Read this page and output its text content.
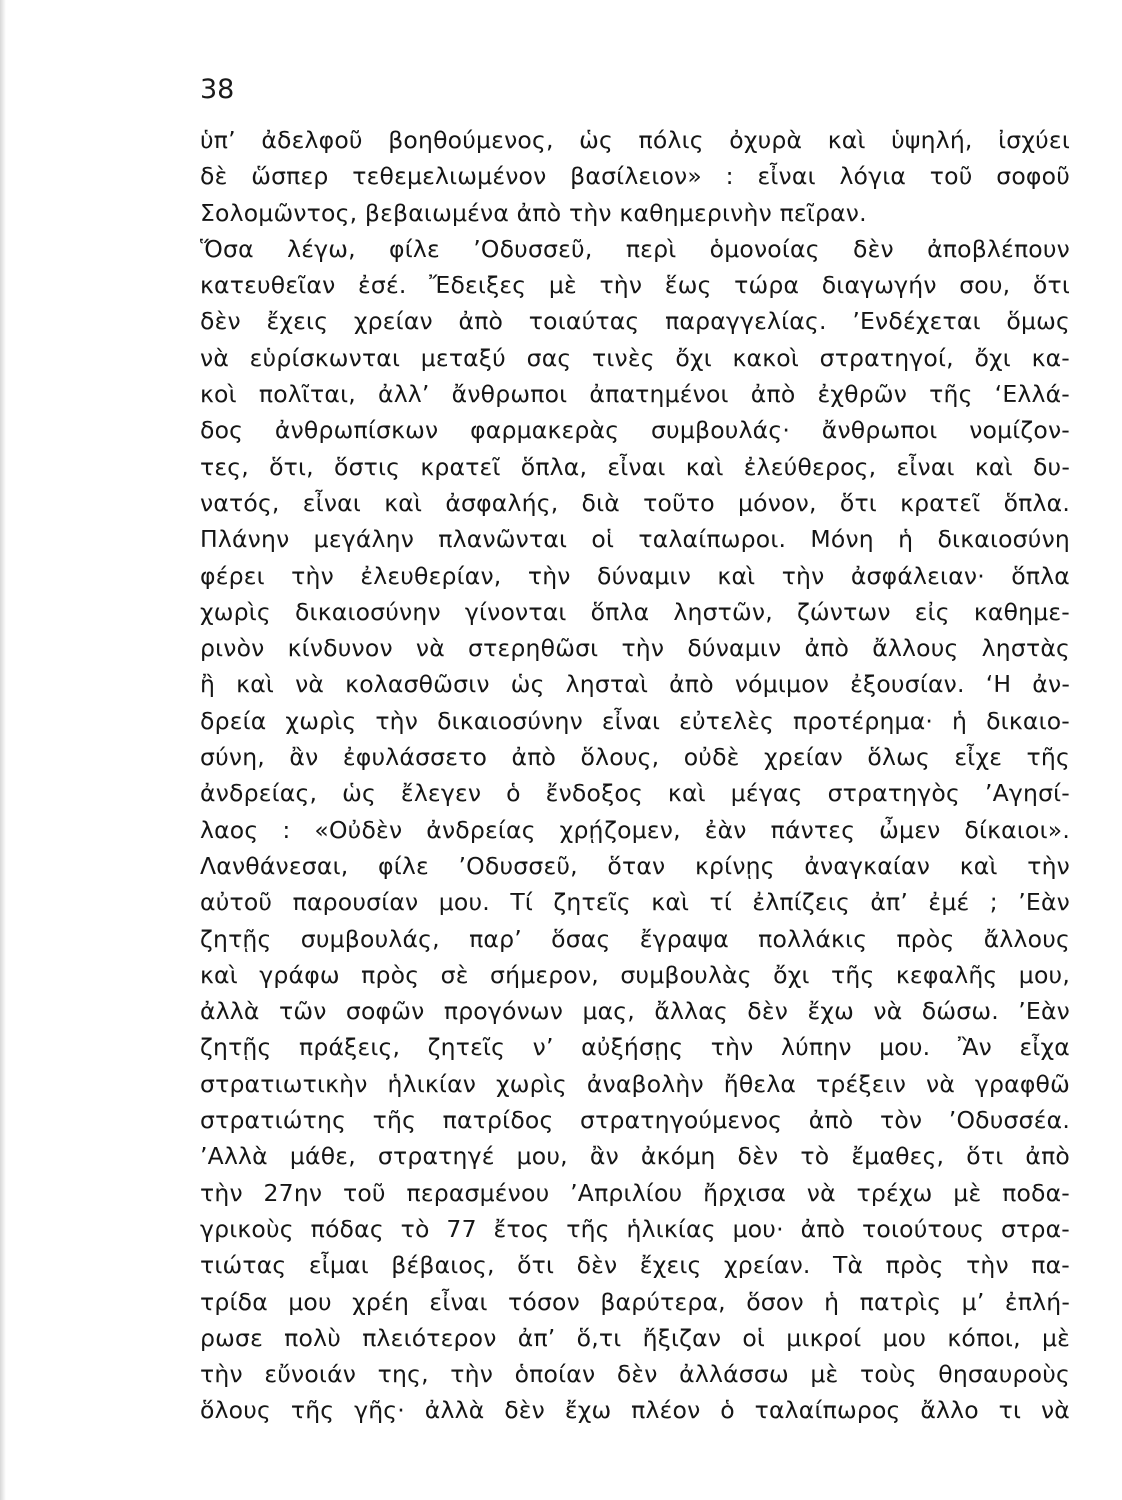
38
ὑπ’ ἀδελφοῦ βοηθούμενος, ὡς πόλις ὀχυρὰ καὶ ὑψηλή, ἰσχύει
δὲ ὥσπερ τεθεμελιωμένον βασίλειον» : εἶναι λόγια τοῦ σοφοῦ
Σολομῶντος, βεβαιωμένα ἀπὸ τὴν καθημερινὴν πεῖραν.
Ὅσα λέγω, φίλε ’Οδυσσεῦ, περὶ ὁμονοίας δὲν ἀποβλέπουν
κατευθεῖαν ἐσέ. Ἔδειξες μὲ τὴν ἕως τώρα διαγωγήν σου, ὅτι
δὲν ἔχεις χρείαν ἀπὸ τοιαύτας παραγγελίας. ’Ενδέχεται ὅμως
νὰ εὑρίσκωνται μεταξύ σας τινὲς ὄχι κακοὶ στρατηγοί, ὄχι κα-
κοὶ πολῖται, ἀλλ’ ἄνθρωποι ἀπατημένοι ἀπὸ ἐχθρῶν τῆς ‘Ελλά-
δος ἀνθρωπίσκων φαρμακερὰς συμβουλάς· ἄνθρωποι νομίζον-
τες, ὅτι, ὅστις κρατεῖ ὅπλα, εἶναι καὶ ἐλεύθερος, εἶναι καὶ δυ-
νατός, εἶναι καὶ ἀσφαλής, διὰ τοῦτο μόνον, ὅτι κρατεῖ ὅπλα.
Πλάνην μεγάλην πλανῶνται οἱ ταλαίπωροι. Μόνη ἡ δικαιοσύνη
φέρει τὴν ἐλευθερίαν, τὴν δύναμιν καὶ τὴν ἀσφάλειαν· ὅπλα
χωρὶς δικαιοσύνην γίνονται ὅπλα ληστῶν, ζώντων εἰς καθημε-
ρινὸν κίνδυνον νὰ στερηθῶσι τὴν δύναμιν ἀπὸ ἄλλους ληστὰς
ἢ καὶ νὰ κολασθῶσιν ὡς λησταὶ ἀπὸ νόμιμον ἐξουσίαν. ‘Η ἀν-
δρεία χωρὶς τὴν δικαιοσύνην εἶναι εὐτελὲς προτέρημα· ἡ δικαιο-
σύνη, ἂν ἐφυλάσσετο ἀπὸ ὅλους, οὐδὲ χρείαν ὅλως εἶχε τῆς
ἀνδρείας, ὡς ἔλεγεν ὁ ἔνδοξος καὶ μέγας στρατηγὸς ’Αγησί-
λαος : «Οὐδὲν ἀνδρείας χρῄζομεν, ἐὰν πάντες ὦμεν δίκαιοι».
Λανθάνεσαι, φίλε ’Οδυσσεῦ, ὅταν κρίνῃς ἀναγκαίαν καὶ τὴν
αὐτοῦ παρουσίαν μου. Τί ζητεῖς καὶ τί ἐλπίζεις ἀπ’ ἐμέ ; ’Εὰν
ζητῇς συμβουλάς, παρ’ ὅσας ἔγραψα πολλάκις πρὸς ἄλλους
καὶ γράφω πρὸς σὲ σήμερον, συμβουλὰς ὄχι τῆς κεφαλῆς μου,
ἀλλὰ τῶν σοφῶν προγόνων μας, ἄλλας δὲν ἔχω νὰ δώσω. ’Εὰν
ζητῇς πράξεις, ζητεῖς ν’ αὐξήσῃς τὴν λύπην μου. Ἂν εἶχα
στρατιωτικὴν ἡλικίαν χωρὶς ἀναβολὴν ἤθελα τρέξειν νὰ γραφθῶ
στρατιώτης τῆς πατρίδος στρατηγούμενος ἀπὸ τὸν ’Οδυσσέα.
’Αλλὰ μάθε, στρατηγέ μου, ἂν ἀκόμη δὲν τὸ ἔμαθες, ὅτι ἀπὸ
τὴν 27ην τοῦ περασμένου ’Απριλίου ἤρχισα νὰ τρέχω μὲ ποδα-
γρικοὺς πόδας τὸ 77 ἔτος τῆς ἡλικίας μου· ἀπὸ τοιούτους στρα-
τιώτας εἶμαι βέβαιος, ὅτι δὲν ἔχεις χρείαν. Τὰ πρὸς τὴν πα-
τρίδα μου χρέη εἶναι τόσον βαρύτερα, ὅσον ἡ πατρὶς μ’ ἐπλή-
ρωσε πολὺ πλειότερον ἀπ’ ὅ,τι ἤξιζαν οἱ μικροί μου κόποι, μὲ
τὴν εὔνοιάν της, τὴν ὁποίαν δὲν ἀλλάσσω μὲ τοὺς θησαυροὺς
ὅλους τῆς γῆς· ἀλλὰ δὲν ἔχω πλέον ὁ ταλαίπωρος ἄλλο τι νὰ
